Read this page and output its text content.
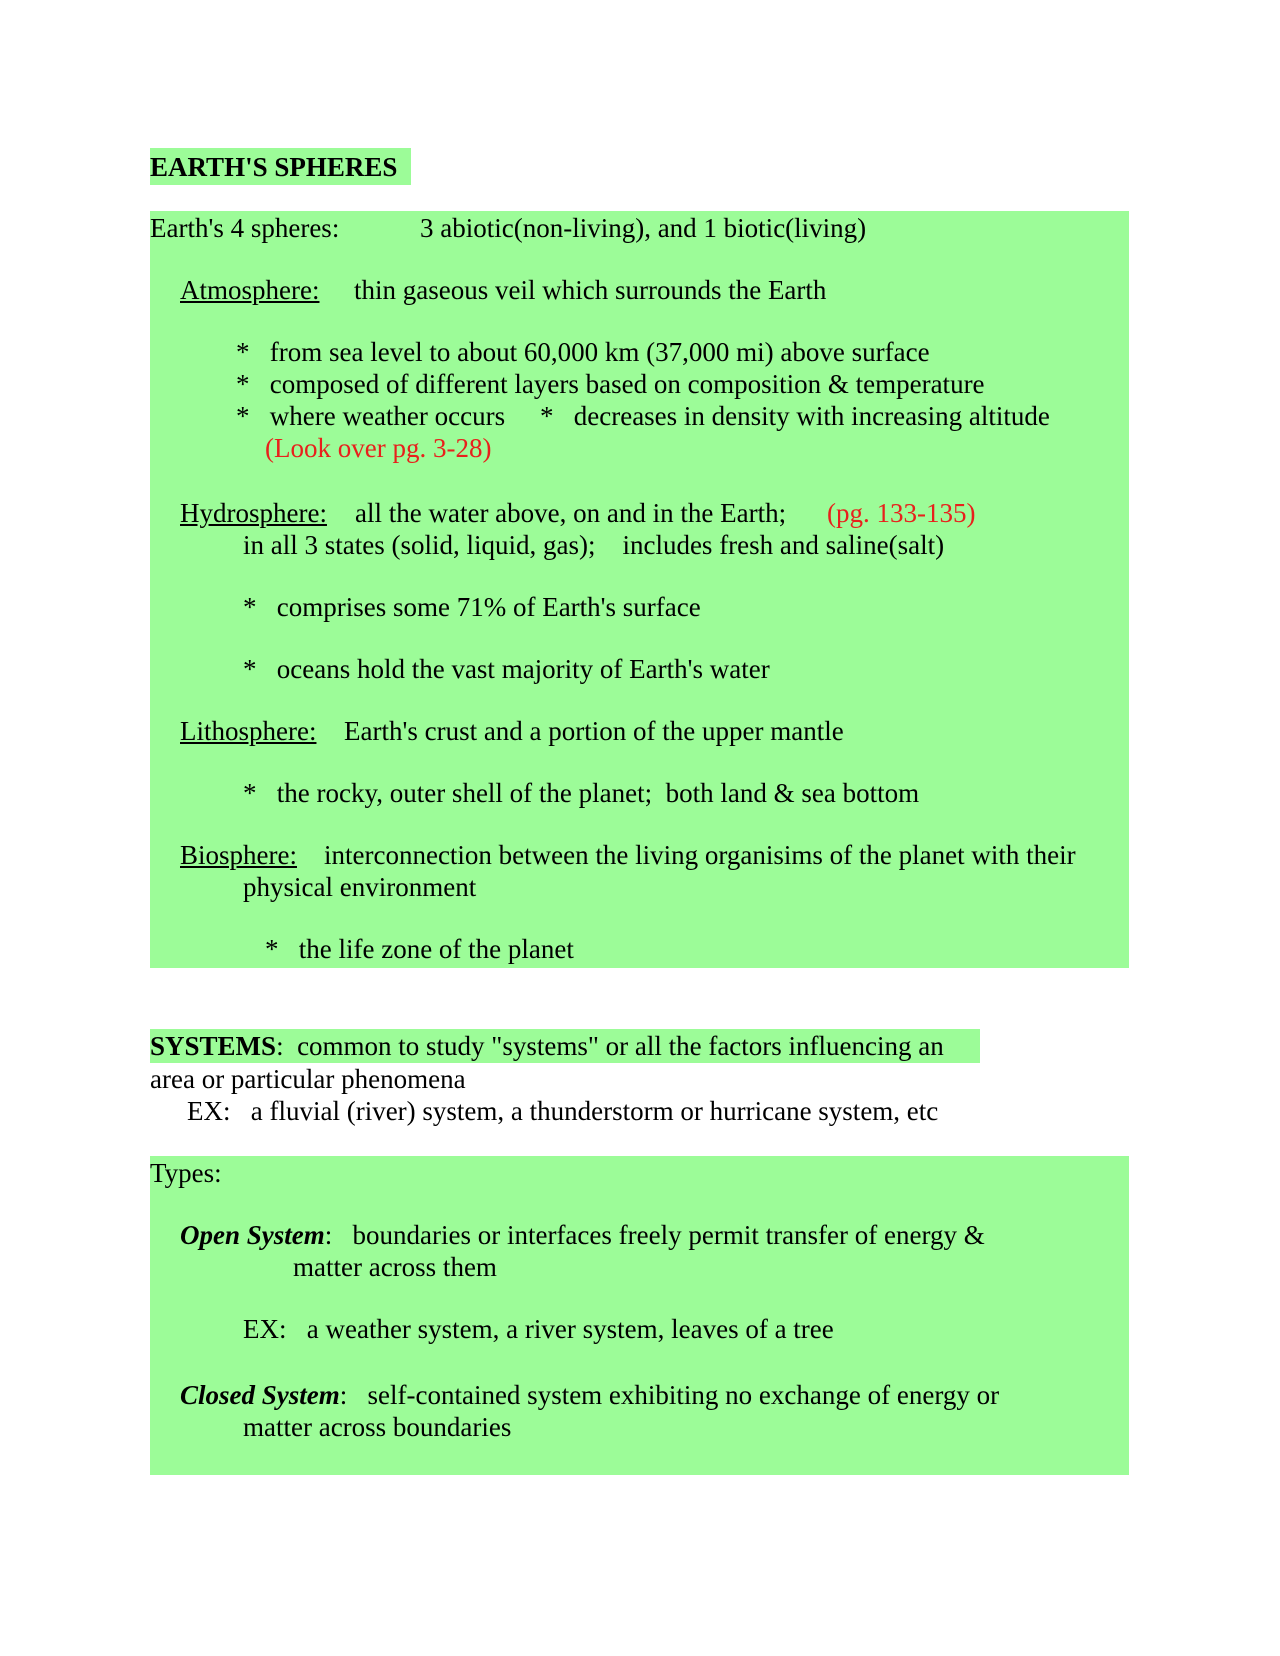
EARTH'S SPHERES
Earth's 4 spheres:	3 abiotic(non-living), and 1 biotic(living)
Atmosphere: thin gaseous veil which surrounds the Earth
*   from sea level to about 60,000 km (37,000 mi) above surface
*   composed of different layers based on composition & temperature
*   where weather occurs *   decreases in density with increasing altitude
(Look over pg. 3-28)
Hydrosphere: all the water above, on and in the Earth; (pg. 133-135)
in all 3 states (solid, liquid, gas);    includes fresh and saline(salt)
*   comprises some 71% of Earth's surface
*   oceans hold the vast majority of Earth's water
Lithosphere: Earth's crust and a portion of the upper mantle
*   the rocky, outer shell of the planet;  both land & sea bottom
Biosphere: interconnection between the living organisims of the planet with their
physical environment
*   the life zone of the planet
SYSTEMS:  common to study "systems" or all the factors influencing an
area or particular phenomena
EX:   a fluvial (river) system, a thunderstorm or hurricane system, etc
Types:
Open System:   boundaries or interfaces freely permit transfer of energy &
matter across them
EX:   a weather system, a river system, leaves of a tree
Closed System:   self-contained system exhibiting no exchange of energy or
matter across boundaries
